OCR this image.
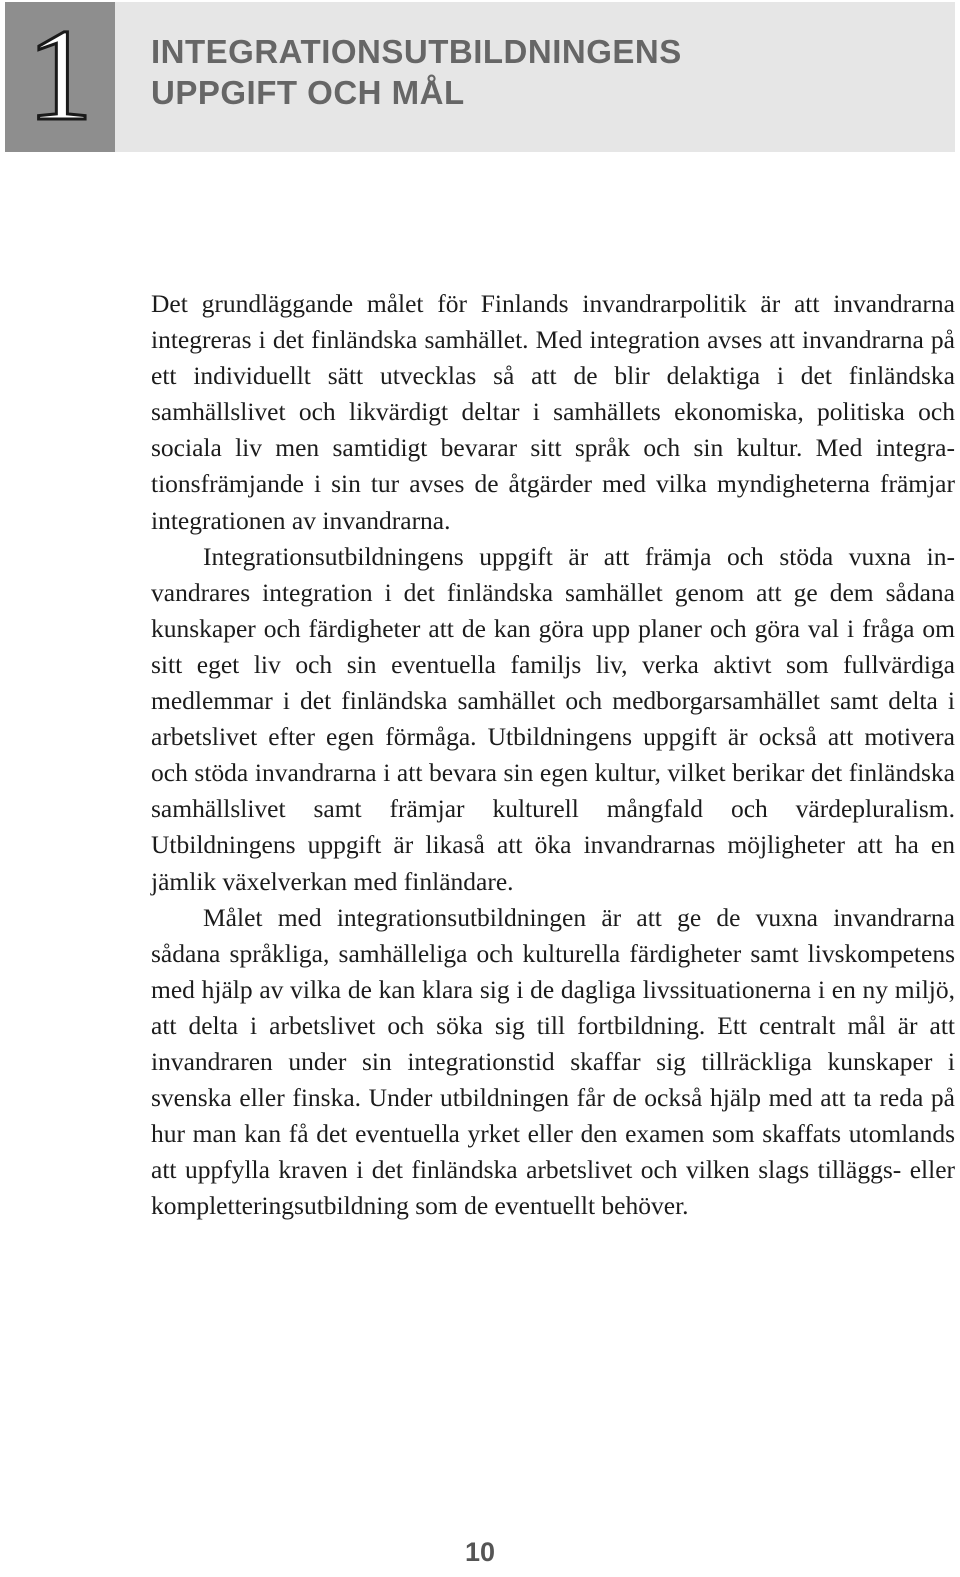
1	INTEGRATIONSUTBILDNINGENS
UPPGIFT OCH MÅL

Det grundläggande målet för Finlands invandrarpolitik är att invandrarna integreras i det finländska samhället. Med integration avses att invandrarna på ett individuellt sätt utvecklas så att de blir delaktiga i det finländska samhällslivet och likvärdigt deltar i samhällets ekonomiska, politiska och sociala liv men samtidigt bevarar sitt språk och sin kultur. Med integrationsfrämjande i sin tur avses de åtgärder med vilka myndigheterna främjar integrationen av invandrarna.

Integrationsutbildningens uppgift är att främja och stöda vuxna invandrares integration i det finländska samhället genom att ge dem sådana kunskaper och färdigheter att de kan göra upp planer och göra val i fråga om sitt eget liv och sin eventuella familjs liv, verka aktivt som fullvärdiga medlemmar i det finländska samhället och medborgarsamhället samt delta i arbetslivet efter egen förmåga. Utbildningens uppgift är också att motivera och stöda invandrarna i att bevara sin egen kultur, vilket berikar det finländska samhällslivet samt främjar kulturell mångfald och värdepluralism. Utbildningens uppgift är likaså att öka invandrarnas möjligheter att ha en jämlik växelverkan med finländare.

Målet med integrationsutbildningen är att ge de vuxna invandrarna sådana språkliga, samhälleliga och kulturella färdigheter samt livskompetens med hjälp av vilka de kan klara sig i de dagliga livssituationerna i en ny miljö, att delta i arbetslivet och söka sig till fortbildning. Ett centralt mål är att invandraren under sin integrationstid skaffar sig tillräckliga kunskaper i svenska eller finska. Under utbildningen får de också hjälp med att ta reda på hur man kan få det eventuella yrket eller den examen som skaffats utomlands att uppfylla kraven i det finländska arbetslivet och vilken slags tilläggs- eller kompletteringsutbildning som de eventuellt behöver.

10
